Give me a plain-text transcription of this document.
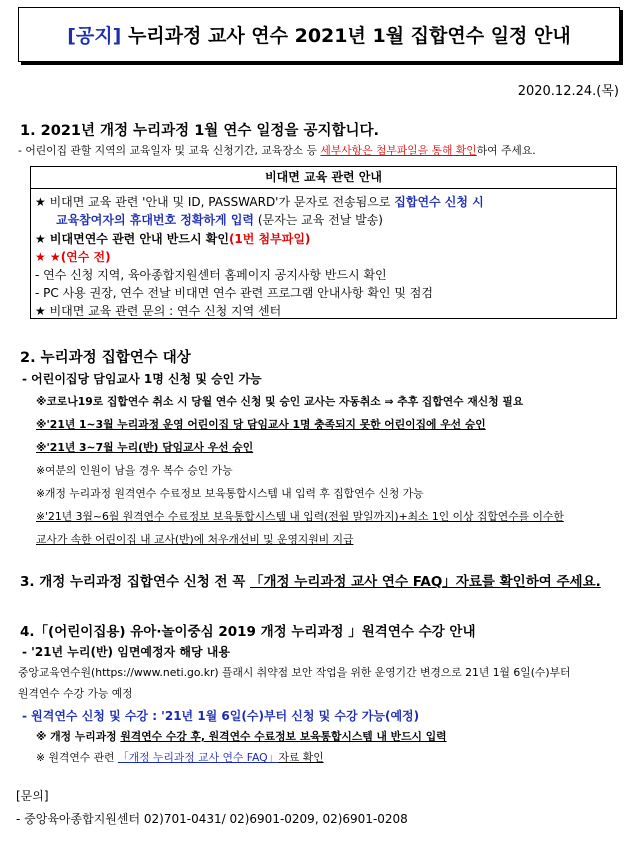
[공지] 누리과정 교사 연수 2021년 1월 집합연수 일정 안내
2020.12.24.(목)
1. 2021년 개정 누리과정 1월 연수 일정을 공지합니다.
- 어린이집 관할 지역의 교육일자 및 교육 신청기간, 교육장소 등 세부사항은 첨부파일을 통해 확인하여 주세요.
비대면 교육 관련 안내
★ 비대면 교육 관련 '안내 및 ID, PASSWARD'가 문자로 전송됨으로 집합연수 신청 시
교육참여자의 휴대번호 정확하게 입력 (문자는 교육 전날 발송)
★ 비대면연수 관련 안내 반드시 확인(1번 첨부파일)
★ ★(연수 전)
- 연수 신청 지역, 육아종합지원센터 홈페이지 공지사항 반드시 확인
- PC 사용 권장, 연수 전날 비대면 연수 관련 프로그램 안내사항 확인 및 점검
★ 비대면 교육 관련 문의 : 연수 신청 지역 센터
2. 누리과정 집합연수 대상
- 어린이집당 담임교사 1명 신청 및 승인 가능
※코로나19로 집합연수 취소 시 당월 연수 신청 및 승인 교사는 자동취소 ⇒ 추후 집합연수 재신청 필요
※'21년 1~3월 누리과정 운영 어린이집 당 담임교사 1명 충족되지 못한 어린이집에 우선 승인
※'21년 3~7월 누리(반) 담임교사 우선 승인
※여분의 인원이 남을 경우 복수 승인 가능
※개정 누리과정 원격연수 수료정보 보육통합시스템 내 입력 후 집합연수 신청 가능
※'21년 3월~6월 원격연수 수료정보 보육통합시스템 내 입력(전월 말일까지)+최소 1인 이상 집합연수를 이수한
교사가 속한 어린이집 내 교사(반)에 처우개선비 및 운영지원비 지급
3. 개정 누리과정 집합연수 신청 전 꼭 「개정 누리과정 교사 연수 FAQ」자료를 확인하여 주세요.
4.「(어린이집용) 유아·놀이중심 2019 개정 누리과정 」원격연수 수강 안내
- '21년 누리(반) 임면예정자 해당 내용
중앙교육연수원(https://www.neti.go.kr) 플래시 취약점 보안 작업을 위한 운영기간 변경으로 21년 1월 6일(수)부터
원격연수 수강 가능 예정
- 원격연수 신청 및 수강 : '21년 1월 6일(수)부터 신청 및 수강 가능(예정)
※ 개정 누리과정 원격연수 수강 후, 원격연수 수료정보 보육통합시스템 내 반드시 입력
※ 원격연수 관련 「개정 누리과정 교사 연수 FAQ」자료 확인
[문의]
- 중앙육아종합지원센터 02)701-0431/ 02)6901-0209, 02)6901-0208
